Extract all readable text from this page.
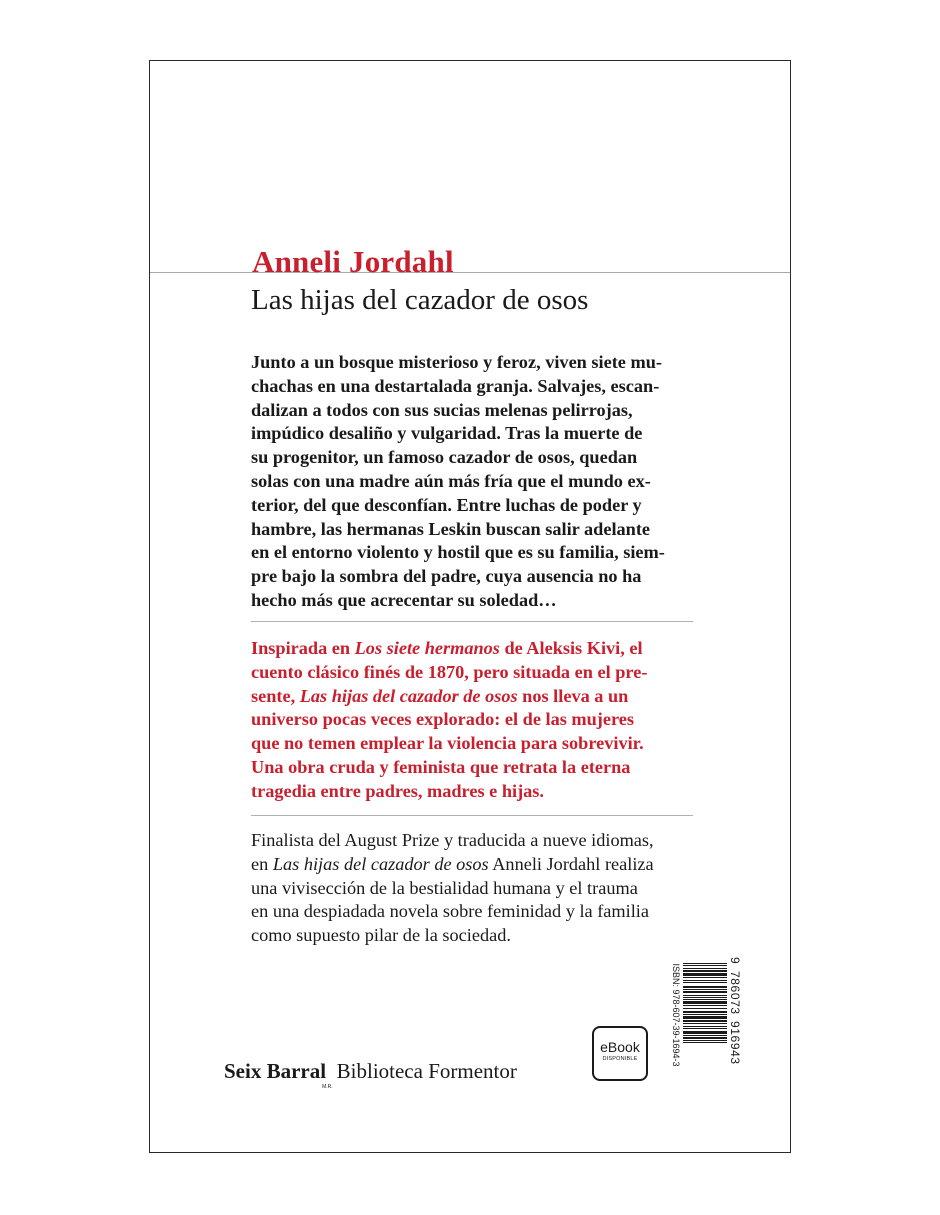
Anneli Jordahl
Las hijas del cazador de osos
Junto a un bosque misterioso y feroz, viven siete mu-
chachas en una destartalada granja. Salvajes, escan-
dalizan a todos con sus sucias melenas pelirrojas,
impúdico desaliño y vulgaridad. Tras la muerte de
su progenitor, un famoso cazador de osos, quedan
solas con una madre aún más fría que el mundo ex-
terior, del que desconfían. Entre luchas de poder y
hambre, las hermanas Leskin buscan salir adelante
en el entorno violento y hostil que es su familia, siem-
pre bajo la sombra del padre, cuya ausencia no ha
hecho más que acrecentar su soledad…
Inspirada en Los siete hermanos de Aleksis Kivi, el
cuento clásico finés de 1870, pero situada en el pre-
sente, Las hijas del cazador de osos nos lleva a un
universo pocas veces explorado: el de las mujeres
que no temen emplear la violencia para sobrevivir.
Una obra cruda y feminista que retrata la eterna
tragedia entre padres, madres e hijas.
Finalista del August Prize y traducida a nueve idiomas,
en Las hijas del cazador de osos Anneli Jordahl realiza
una vivisección de la bestialidad humana y el trauma
en una despiadada novela sobre feminidad y la familia
como supuesto pilar de la sociedad.
Seix Barral$_{M.R.}$Biblioteca Formentor
eBook
DISPONIBLE
9
786073
916943
ISBN: 978-607-39-1694-3
